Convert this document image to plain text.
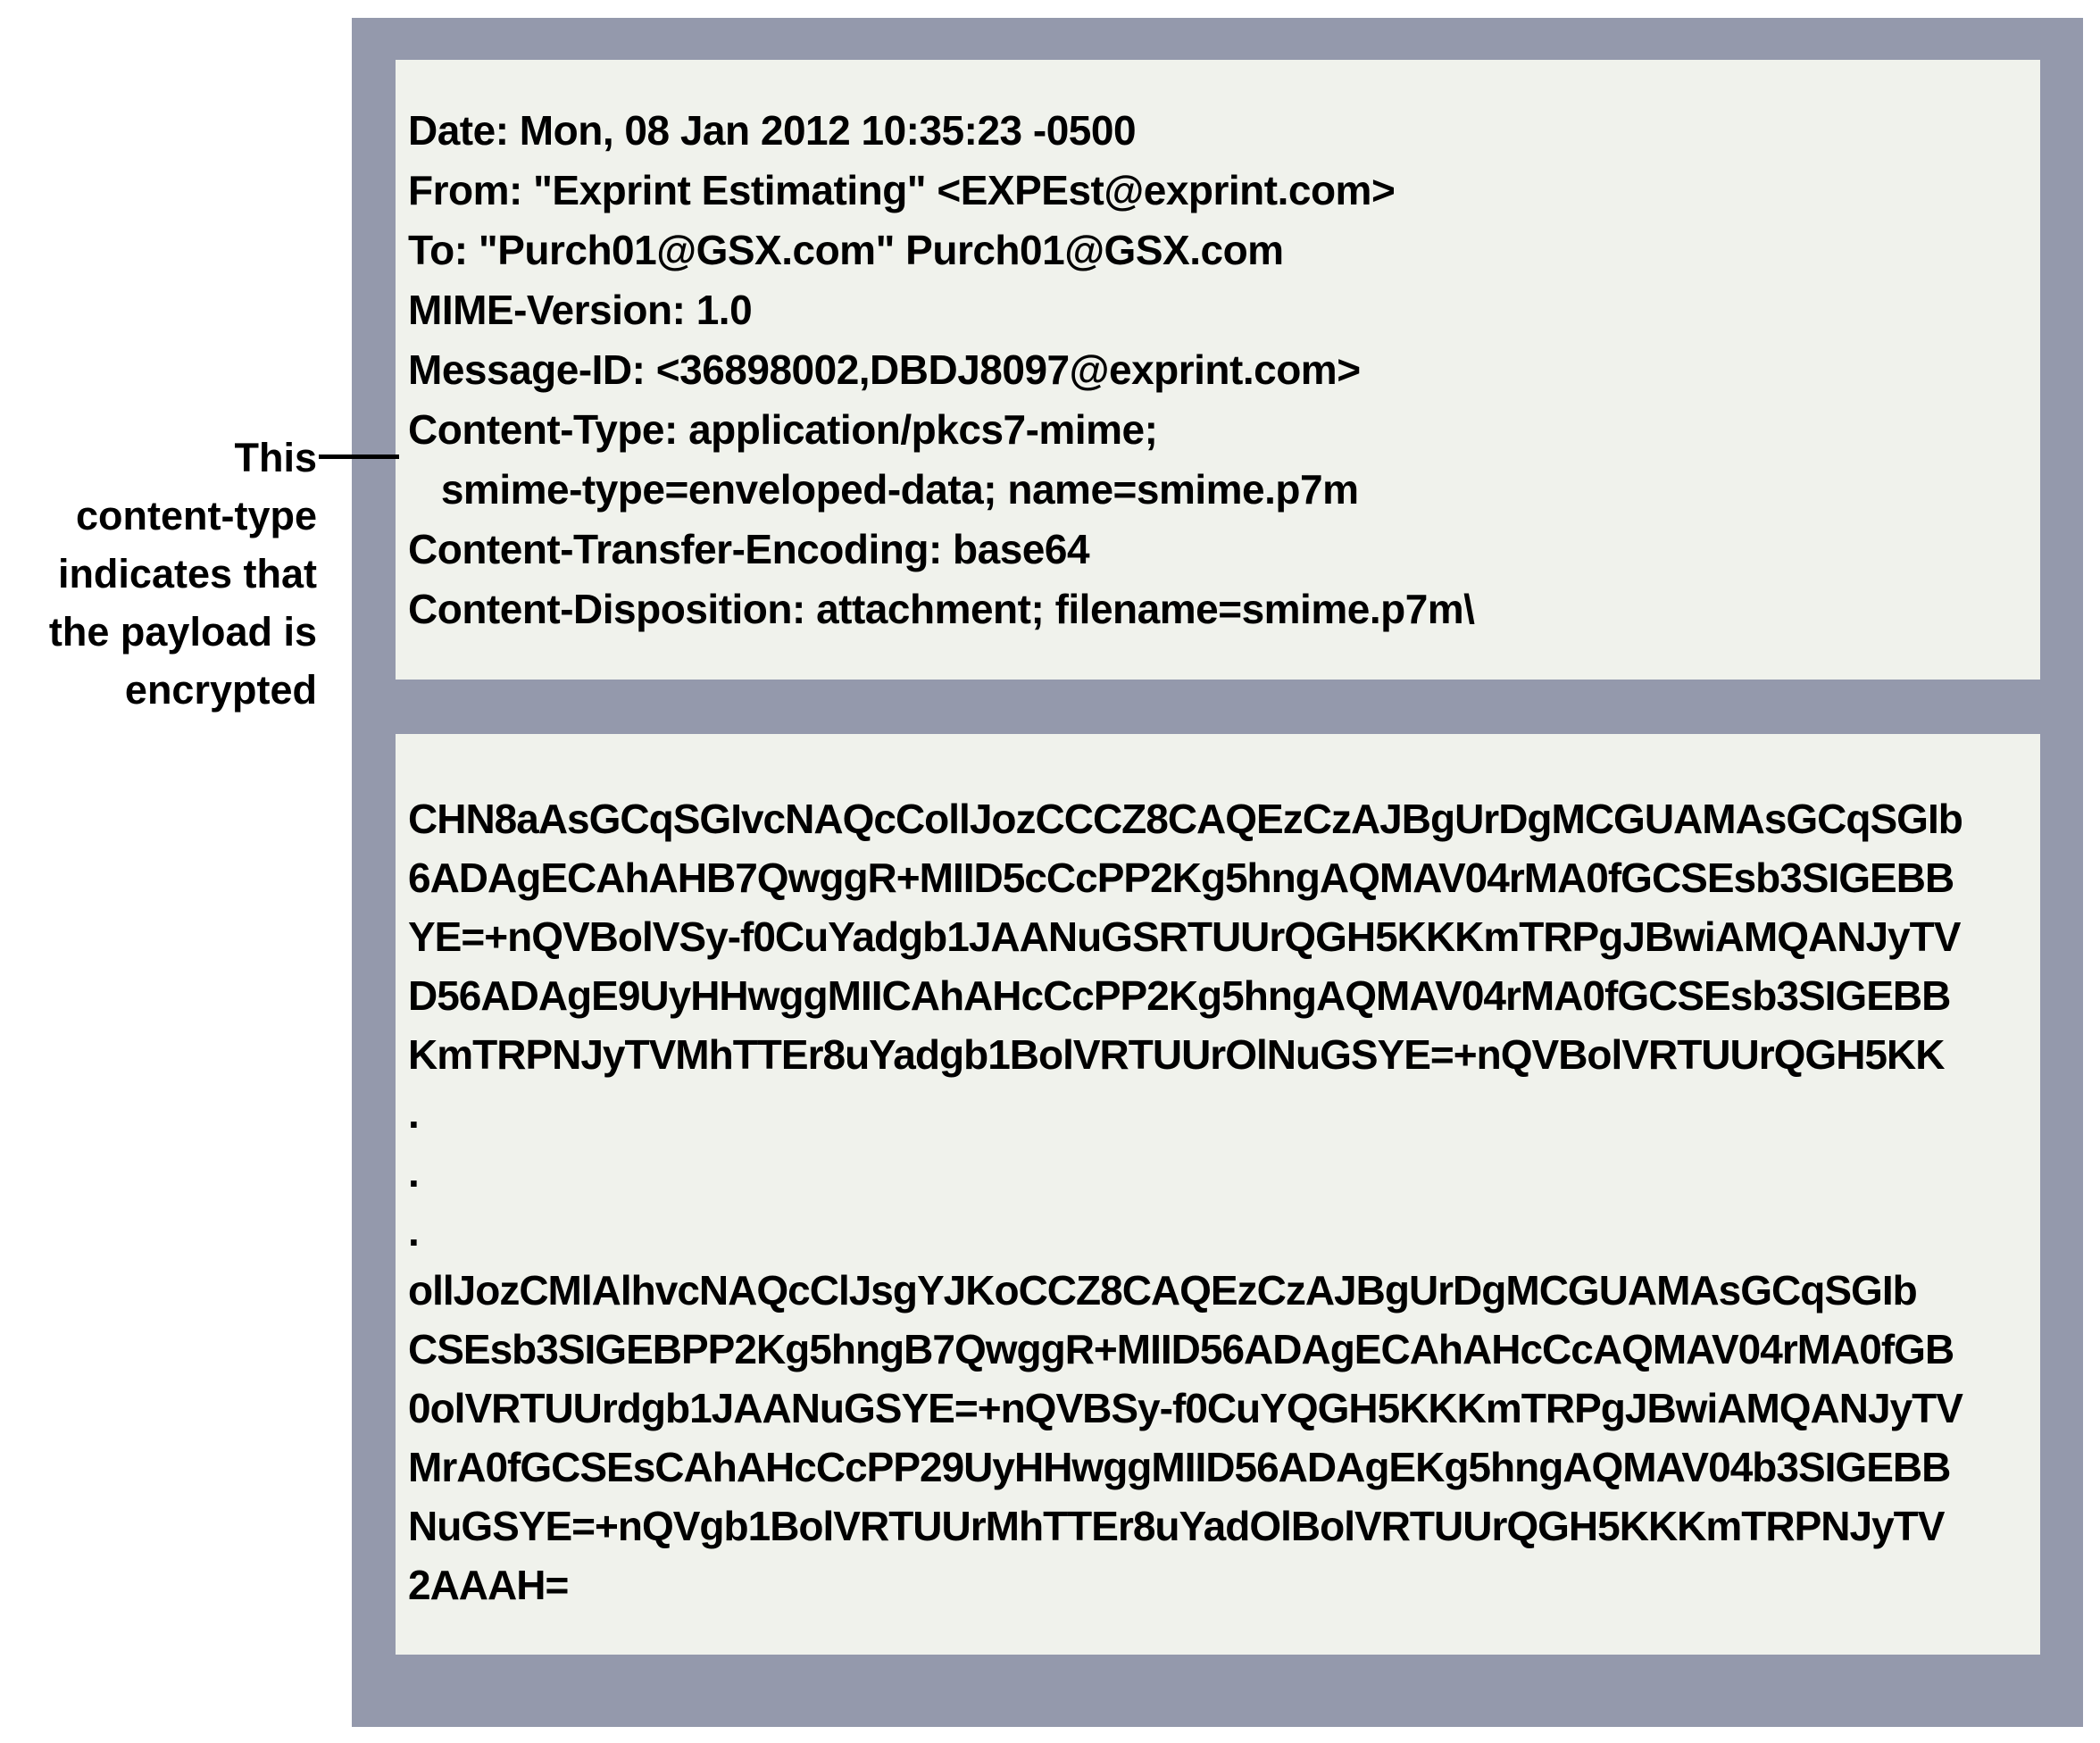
Date: Mon, 08 Jan 2012 10:35:23 -0500
From: "Exprint Estimating" <EXPEst@exprint.com>
To: "Purch01@GSX.com" Purch01@GSX.com
MIME-Version: 1.0
Message-ID: <36898002,DBDJ8097@exprint.com>
Content-Type: application/pkcs7-mime;
smime-type=enveloped-data; name=smime.p7m
Content-Transfer-Encoding: base64
Content-Disposition: attachment; filename=smime.p7m\
CHN8aAsGCqSGIvcNAQcCollJozCCCZ8CAQEzCzAJBgUrDgMCGUAMAsGCqSGIb
6ADAgECAhAHB7QwggR+MIID5cCcPP2Kg5hngAQMAV04rMA0fGCSEsb3SIGEBB
YE=+nQVBolVSy-f0CuYadgb1JAANuGSRTUUrQGH5KKKmTRPgJBwiAMQANJyTV
D56ADAgE9UyHHwggMIICAhAHcCcPP2Kg5hngAQMAV04rMA0fGCSEsb3SIGEBB
KmTRPNJyTVMhTTEr8uYadgb1BolVRTUUrOlNuGSYE=+nQVBolVRTUUrQGH5KK
.
.
.
ollJozCMlAlhvcNAQcClJsgYJKoCCZ8CAQEzCzAJBgUrDgMCGUAMAsGCqSGIb
CSEsb3SIGEBPP2Kg5hngB7QwggR+MIID56ADAgECAhAHcCcAQMAV04rMA0fGB
0olVRTUUrdgb1JAANuGSYE=+nQVBSy-f0CuYQGH5KKKmTRPgJBwiAMQANJyTV
MrA0fGCSEsCAhAHcCcPP29UyHHwggMIID56ADAgEKg5hngAQMAV04b3SIGEBB
NuGSYE=+nQVgb1BolVRTUUrMhTTEr8uYadOlBolVRTUUrQGH5KKKmTRPNJyTV
2AAAH=
This
content-type
indicates that
the payload is
encrypted
